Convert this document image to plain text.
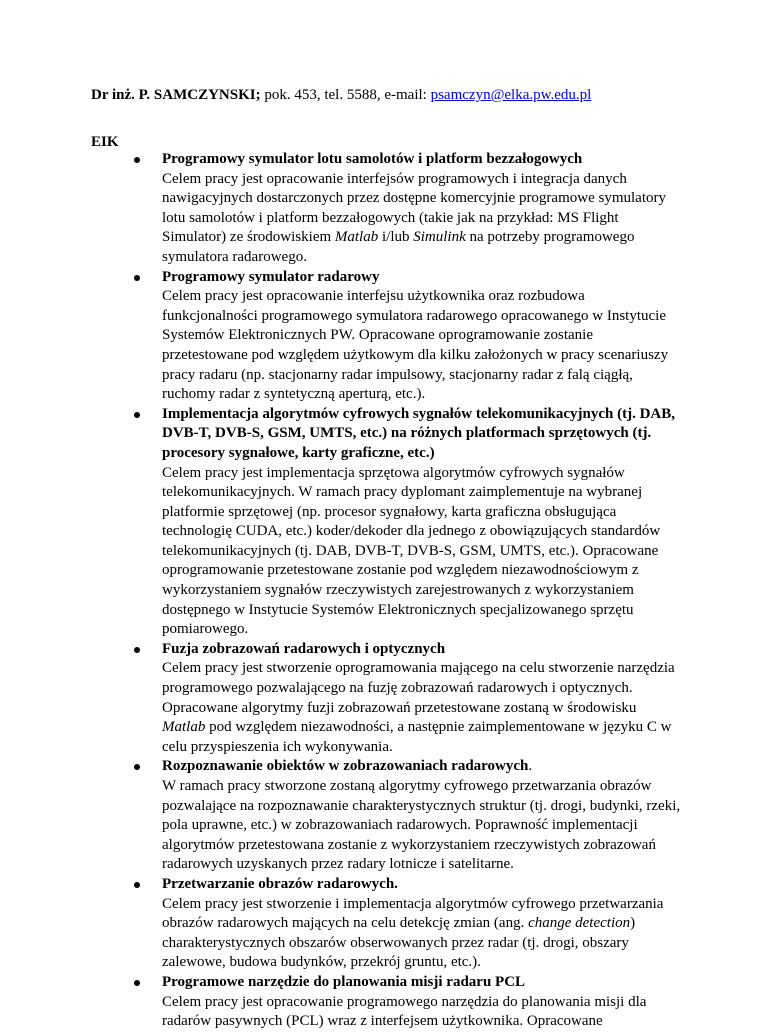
Dr inż. P. SAMCZYNSKI; pok. 453, tel. 5588, e-mail: psamczyn@elka.pw.edu.pl
EIK
Programowy symulator lotu samolotów i platform bezzałogowych
Celem pracy jest opracowanie interfejsów programowych i integracja danych nawigacyjnych dostarczonych przez dostępne komercyjnie programowe symulatory lotu samolotów i platform bezzałogowych (takie jak na przykład: MS Flight Simulator) ze środowiskiem Matlab i/lub Simulink na potrzeby programowego symulatora radarowego.
Programowy symulator radarowy
Celem pracy jest opracowanie interfejsu użytkownika oraz rozbudowa funkcjonalności programowego symulatora radarowego opracowanego w Instytucie Systemów Elektronicznych PW. Opracowane oprogramowanie zostanie przetestowane pod względem użytkowym dla kilku założonych w pracy scenariuszy pracy radaru (np. stacjonarny radar impulsowy, stacjonarny radar z falą ciągłą, ruchomy radar z syntetyczną aperturą, etc.).
Implementacja algorytmów cyfrowych sygnałów telekomunikacyjnych (tj. DAB, DVB-T, DVB-S, GSM, UMTS, etc.) na różnych platformach sprzętowych (tj. procesory sygnałowe, karty graficzne, etc.)
Celem pracy jest implementacja sprzętowa algorytmów cyfrowych sygnałów telekomunikacyjnych. W ramach pracy dyplomant zaimplementuje na wybranej platformie sprzętowej (np. procesor sygnałowy, karta graficzna obsługująca technologię CUDA, etc.) koder/dekoder dla jednego z obowiązujących standardów telekomunikacyjnych (tj. DAB, DVB-T, DVB-S, GSM, UMTS, etc.). Opracowane oprogramowanie przetestowane zostanie pod względem niezawodnościowym z wykorzystaniem sygnałów rzeczywistych zarejestrowanych z wykorzystaniem dostępnego w Instytucie Systemów Elektronicznych specjalizowanego sprzętu pomiarowego.
Fuzja zobrazowań radarowych i optycznych
Celem pracy jest stworzenie oprogramowania mającego na celu stworzenie narzędzia programowego pozwalającego na fuzję zobrazowań radarowych i optycznych. Opracowane algorytmy fuzji zobrazowań przetestowane zostaną w środowisku Matlab pod względem niezawodności, a następnie zaimplementowane w języku C w celu przyspieszenia ich wykonywania.
Rozpoznawanie obiektów w zobrazowaniach radarowych.
W ramach pracy stworzone zostaną algorytmy cyfrowego przetwarzania obrazów pozwalające na rozpoznawanie charakterystycznych struktur (tj. drogi, budynki, rzeki, pola uprawne, etc.) w zobrazowaniach radarowych. Poprawność implementacji algorytmów przetestowana zostanie z wykorzystaniem rzeczywistych zobrazowań radarowych uzyskanych przez radary lotnicze i satelitarne.
Przetwarzanie obrazów radarowych.
Celem pracy jest stworzenie i implementacja algorytmów cyfrowego przetwarzania obrazów radarowych mających na celu detekcję zmian (ang. change detection) charakterystycznych obszarów obserwowanych przez radar (tj. drogi, obszary zalewowe, budowa budynków, przekrój gruntu, etc.).
Programowe narzędzie do planowania misji radaru PCL
Celem pracy jest opracowanie programowego narzędzia do planowania misji dla radarów pasywnych (PCL) wraz z interfejsem użytkownika. Opracowane
